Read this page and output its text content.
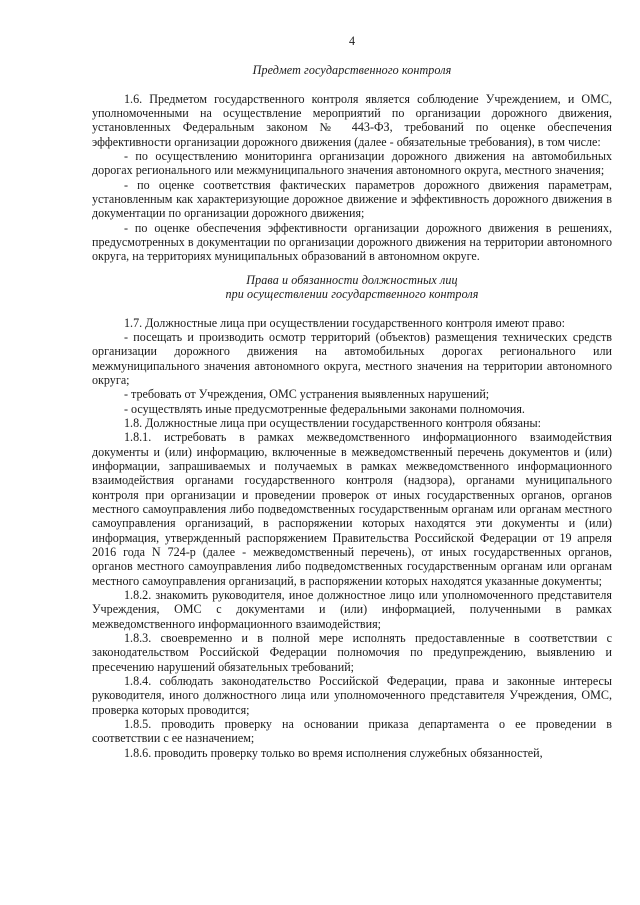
4
Предмет государственного контроля

1.6. Предметом государственного контроля является соблюдение Учреждением, и ОМС, уполномоченными на осуществление мероприятий по организации дорожного движения, установленных Федеральным законом № 443-ФЗ, требований по оценке обеспечения эффективности организации дорожного движения (далее - обязательные требования), в том числе:

- по осуществлению мониторинга организации дорожного движения на автомобильных дорогах регионального или межмуниципального значения автономного округа, местного значения;

- по оценке соответствия фактических параметров дорожного движения параметрам, установленным как характеризующие дорожное движение и эффективность дорожного движения в документации по организации дорожного движения;

- по оценке обеспечения эффективности организации дорожного движения в решениях, предусмотренных в документации по организации дорожного движения на территории автономного округа, на территориях муниципальных образований в автономном округе.

Права и обязанности должностных лиц
при осуществлении государственного контроля

1.7. Должностные лица при осуществлении государственного контроля имеют право:

- посещать и производить осмотр территорий (объектов) размещения технических средств организации дорожного движения на автомобильных дорогах регионального или межмуниципального значения автономного округа, местного значения на территории автономного округа;

- требовать от Учреждения, ОМС устранения выявленных нарушений;

- осуществлять иные предусмотренные федеральными законами полномочия.

1.8. Должностные лица при осуществлении государственного контроля обязаны:

1.8.1. истребовать в рамках межведомственного информационного взаимодействия документы и (или) информацию, включенные в межведомственный перечень документов и (или) информации, запрашиваемых и получаемых в рамках межведомственного информационного взаимодействия органами государственного контроля (надзора), органами муниципального контроля при организации и проведении проверок от иных государственных органов, органов местного самоуправления либо подведомственных государственным органам или органам местного самоуправления организаций, в распоряжении которых находятся эти документы и (или) информация, утвержденный распоряжением Правительства Российской Федерации от 19 апреля 2016 года N 724-р (далее - межведомственный перечень), от иных государственных органов, органов местного самоуправления либо подведомственных государственным органам или органам местного самоуправления организаций, в распоряжении которых находятся указанные документы;

1.8.2. знакомить руководителя, иное должностное лицо или уполномоченного представителя Учреждения, ОМС с документами и (или) информацией, полученными в рамках межведомственного информационного взаимодействия;

1.8.3. своевременно и в полной мере исполнять предоставленные в соответствии с законодательством Российской Федерации полномочия по предупреждению, выявлению и пресечению нарушений обязательных требований;

1.8.4. соблюдать законодательство Российской Федерации, права и законные интересы руководителя, иного должностного лица или уполномоченного представителя Учреждения, ОМС, проверка которых проводится;

1.8.5. проводить проверку на основании приказа департамента о ее проведении в соответствии с ее назначением;

1.8.6. проводить проверку только во время исполнения служебных обязанностей,
